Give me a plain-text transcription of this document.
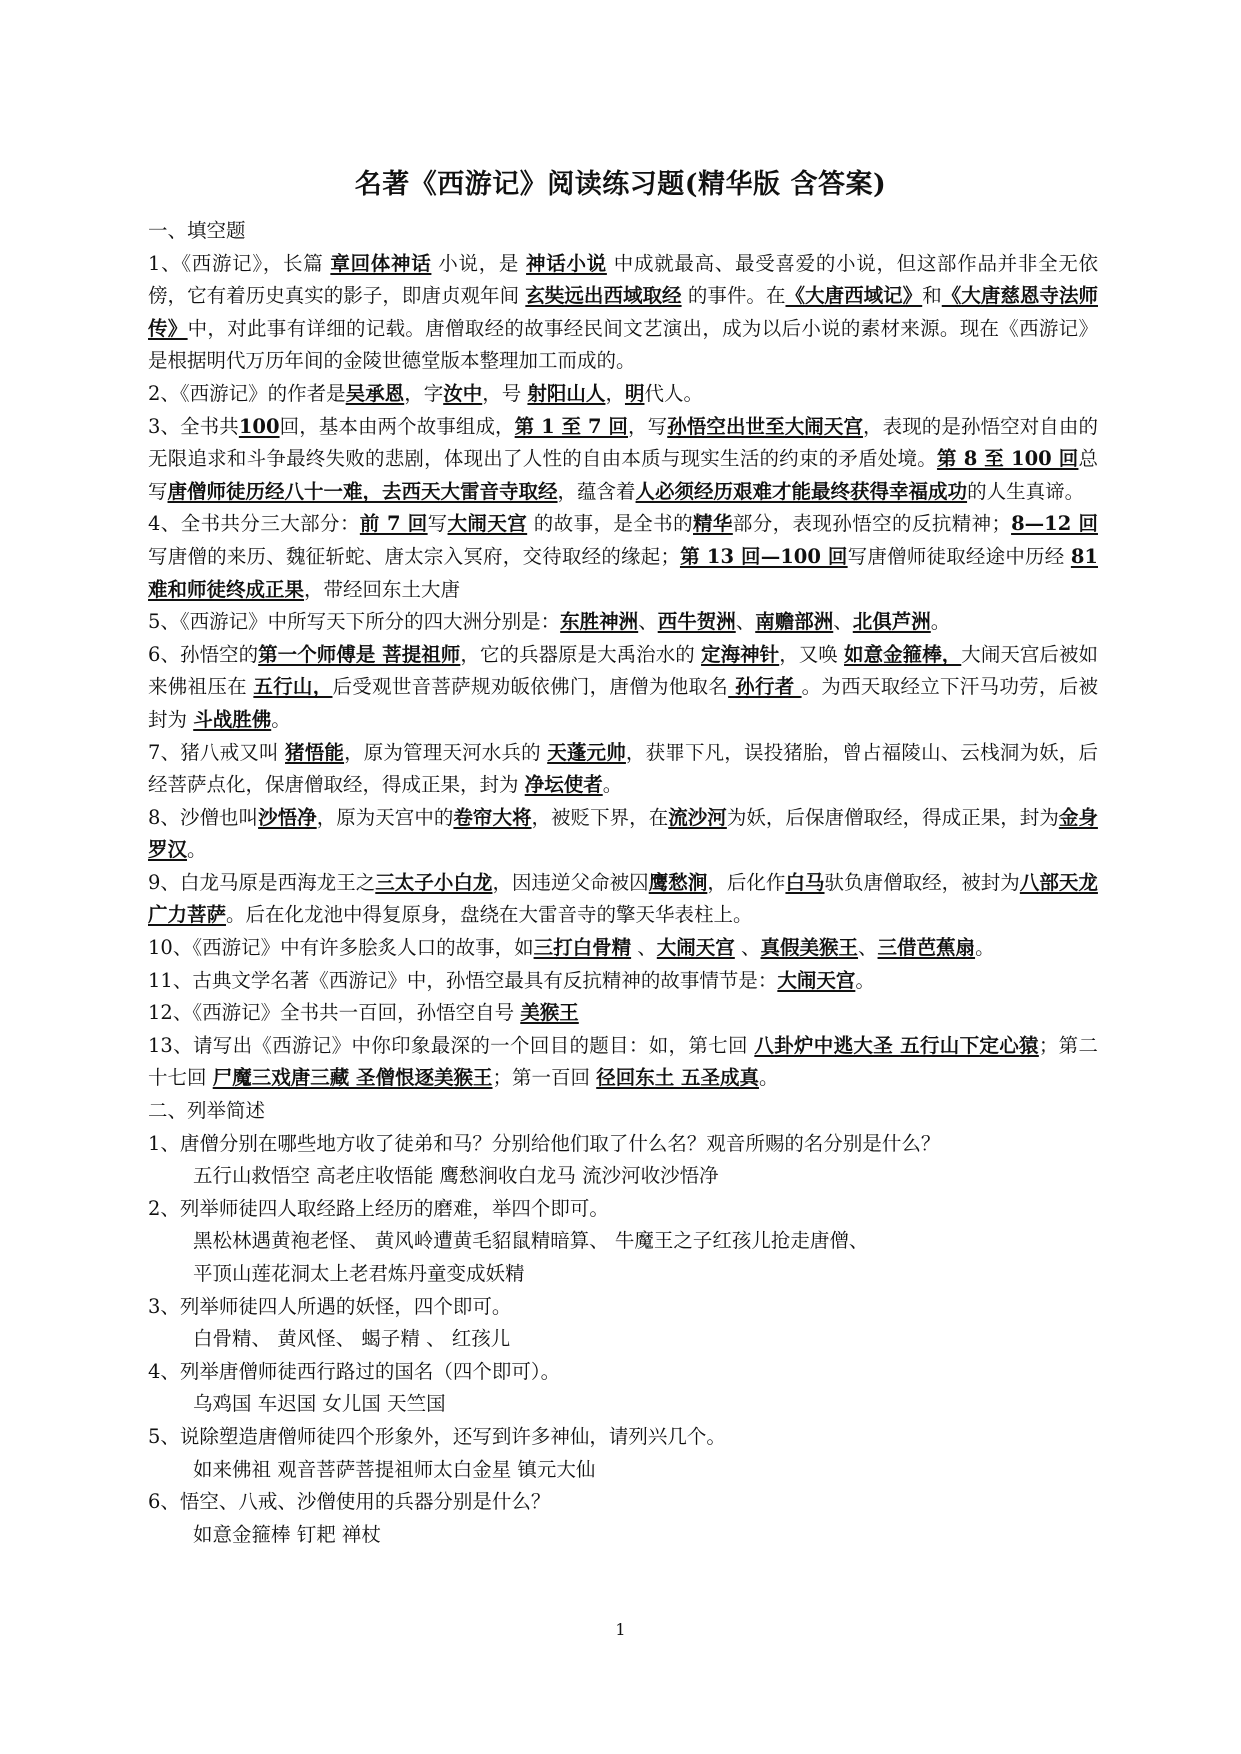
名著《西游记》阅读练习题(精华版 含答案)

一、填空题

1、《西游记》，长篇 章回体神话 小说，是 神话小说 中成就最高、最受喜爱的小说，但这部作品并非全无依傍，它有着历史真实的影子，即唐贞观年间 玄奘远出西域取经 的事件。在《大唐西域记》和《大唐慈恩寺法师传》中，对此事有详细的记载。唐僧取经的故事经民间文艺演出，成为以后小说的素材来源。现在《西游记》是根据明代万历年间的金陵世德堂版本整理加工而成的。

2、《西游记》的作者是吴承恩，字汝中，号 射阳山人，明代人。

3、全书共100回，基本由两个故事组成，第 1 至 7 回，写孙悟空出世至大闹天宫，表现的是孙悟空对自由的无限追求和斗争最终失败的悲剧，体现出了人性的自由本质与现实生活的约束的矛盾处境。第 8 至 100 回总写唐僧师徒历经八十一难，去西天大雷音寺取经，蕴含着人必须经历艰难才能最终获得幸福成功的人生真谛。

4、全书共分三大部分：前 7 回写大闹天宫 的故事，是全书的精华部分，表现孙悟空的反抗精神；8—12 回写唐僧的来历、魏征斩蛇、唐太宗入冥府，交待取经的缘起；第 13 回—100 回写唐僧师徒取经途中历经 81 难和师徒终成正果，带经回东土大唐

5、《西游记》中所写天下所分的四大洲分别是：东胜神洲、西牛贺洲、南赡部洲、北俱芦洲。

6、孙悟空的第一个师傅是 菩提祖师，它的兵器原是大禹治水的 定海神针，又唤 如意金箍棒，大闹天宫后被如来佛祖压在 五行山，后受观世音菩萨规劝皈依佛门，唐僧为他取名 孙行者 。为西天取经立下汗马功劳，后被封为 斗战胜佛。

7、猪八戒又叫 猪悟能，原为管理天河水兵的 天蓬元帅，获罪下凡，误投猪胎，曾占福陵山、云栈洞为妖，后经菩萨点化，保唐僧取经，得成正果，封为 净坛使者。

8、沙僧也叫沙悟净，原为天宫中的卷帘大将，被贬下界，在流沙河为妖，后保唐僧取经，得成正果，封为金身罗汉。

9、白龙马原是西海龙王之三太子小白龙，因违逆父命被囚鹰愁涧，后化作白马驮负唐僧取经，被封为八部天龙广力菩萨。后在化龙池中得复原身，盘绕在大雷音寺的擎天华表柱上。

10、《西游记》中有许多脍炙人口的故事，如三打白骨精 、大闹天宫 、真假美猴王、三借芭蕉扇。

11、古典文学名著《西游记》中，孙悟空最具有反抗精神的故事情节是：大闹天宫。

12、《西游记》全书共一百回，孙悟空自号 美猴王

13、请写出《西游记》中你印象最深的一个回目的题目：如，第七回 八卦炉中逃大圣 五行山下定心猿；第二十七回 尸魔三戏唐三藏 圣僧恨逐美猴王；第一百回 径回东土 五圣成真。

二、列举简述

1、唐僧分别在哪些地方收了徒弟和马？分别给他们取了什么名？观音所赐的名分别是什么？

五行山救悟空 高老庄收悟能 鹰愁涧收白龙马 流沙河收沙悟净

2、列举师徒四人取经路上经历的磨难，举四个即可。

黑松林遇黄袍老怪、 黄风岭遭黄毛貂鼠精暗算、 牛魔王之子红孩儿抢走唐僧、

平顶山莲花洞太上老君炼丹童变成妖精

3、列举师徒四人所遇的妖怪，四个即可。

白骨精、 黄风怪、 蝎子精 、 红孩儿

4、列举唐僧师徒西行路过的国名（四个即可）。

乌鸡国 车迟国 女儿国 天竺国

5、说除塑造唐僧师徒四个形象外，还写到许多神仙，请列兴几个。

如来佛祖 观音菩萨菩提祖师太白金星 镇元大仙

6、悟空、八戒、沙僧使用的兵器分别是什么？

如意金箍棒 钉耙 禅杖

1
